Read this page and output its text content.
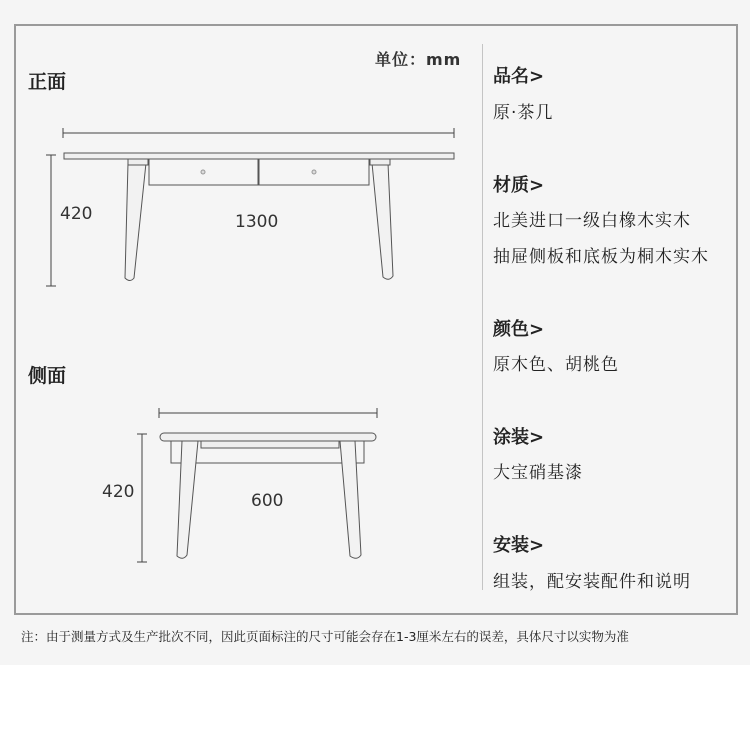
单位：mm
正面
侧面
420	1300
420	600
品名>
原·茶几
材质>
北美进口一级白橡木实木
抽屉侧板和底板为桐木实木
颜色>
原木色、胡桃色
涂装>
大宝硝基漆
安装>
组装，配安装配件和说明
注：由于测量方式及生产批次不同，因此页面标注的尺寸可能会存在1-3厘米左右的误差，具体尺寸以实物为准
